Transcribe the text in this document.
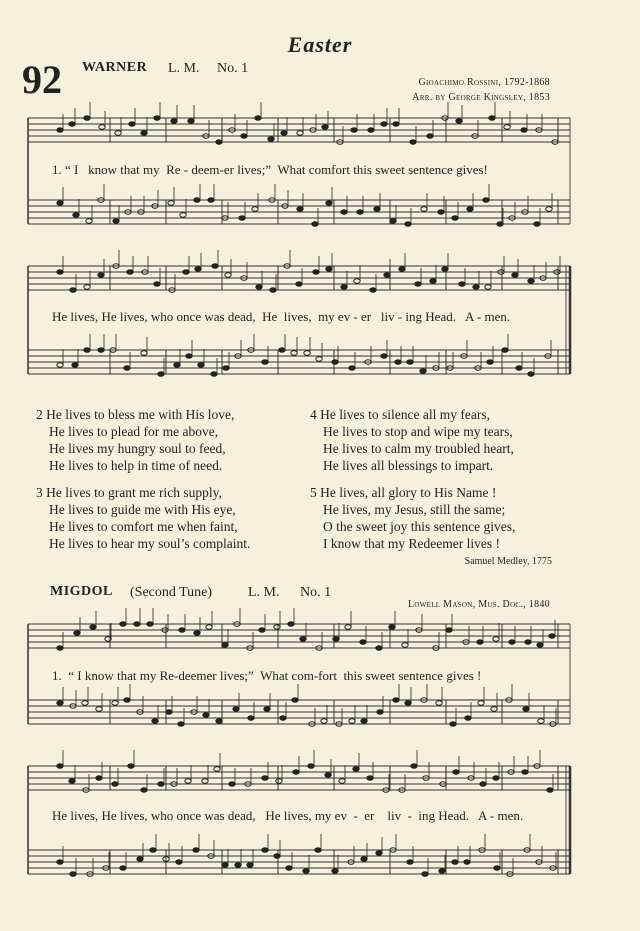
Easter
92 WARNER L. M. No. 1
Gioachimo Rossini, 1792-1868
Arr. by George Kingsley, 1853
1. “ I   know that my  Re - deem-er lives;”  What comfort this sweet sentence gives!
He lives, He lives, who once was dead,  He  lives,  my ev - er   liv - ing Head.   A - men.
2 He lives to bless me with His love,
He lives to plead for me above,
He lives my hungry soul to feed,
He lives to help in time of need.
3 He lives to grant me rich supply,
He lives to guide me with His eye,
He lives to comfort me when faint,
He lives to hear my soul’s complaint.
4 He lives to silence all my fears,
He lives to stop and wipe my tears,
He lives to calm my troubled heart,
He lives all blessings to impart.
5 He lives, all glory to His Name !
He lives, my Jesus, still the same;
O the sweet joy this sentence gives,
I know that my Redeemer lives !
Samuel Medley, 1775
MIGDOL (Second Tune)	L. M. No. 1
Lowell Mason, Mus. Doc., 1840
1.  “ I know that my Re-deemer lives;”  What com-fort  this sweet sentence gives !
He lives, He lives, who once was dead,   He lives, my ev  -  er    liv  -  ing Head.   A - men.
